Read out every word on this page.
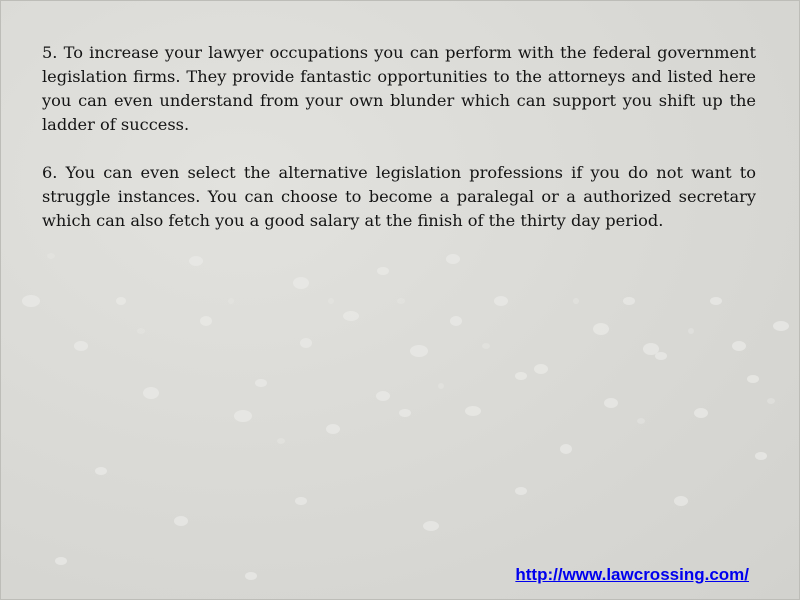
5. To increase your lawyer occupations you can perform with the federal government legislation firms. They provide fantastic opportunities to the attorneys and listed here you can even understand from your own blunder which can support you shift up the ladder of success.

6. You can even select the alternative legislation professions if you do not want to struggle instances. You can choose to become a paralegal or a authorized secretary which can also fetch you a good salary at the finish of the thirty day period.

http://www.lawcrossing.com/
